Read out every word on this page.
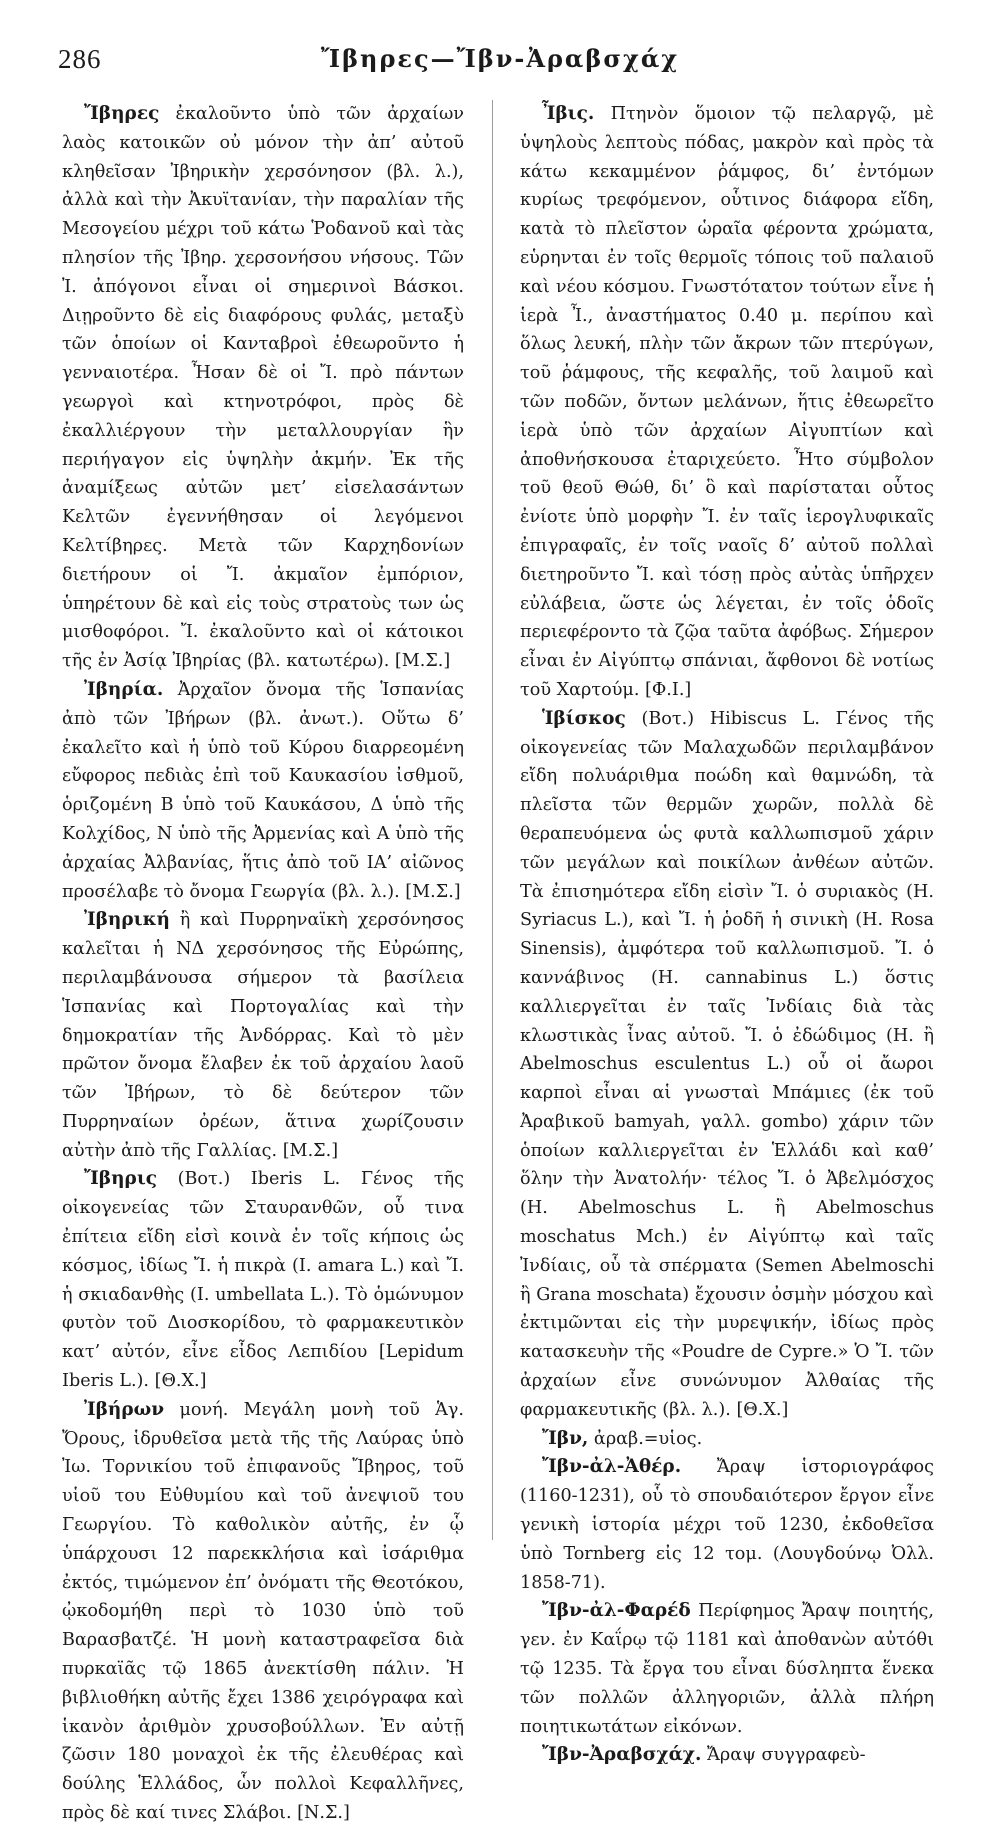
286	Ἴβηρες—Ἴβν-Ἀραβσχάχ

Ἴβηρες ἐκαλοῦντο ὑπὸ τῶν ἀρχαίων λαὸς κατοικῶν οὐ μόνον τὴν ἀπ’ αὐτοῦ κληθεῖσαν Ἰβηρικὴν χερσόνησον (βλ. λ.), ἀλλὰ καὶ τὴν Ἀκυϊτανίαν, τὴν παραλίαν τῆς Μεσογείου μέχρι τοῦ κάτω Ῥοδανοῦ καὶ τὰς πλησίον τῆς Ἰβηρ. χερσονήσου νήσους. Τῶν Ἰ. ἀπόγονοι εἶναι οἱ σημερινοὶ Βάσκοι. Διῃροῦντο δὲ εἰς διαφόρους φυλάς, μεταξὺ τῶν ὁποίων οἱ Κανταβροὶ ἐθεωροῦντο ἡ γενναιοτέρα. Ἦσαν δὲ οἱ Ἴ. πρὸ πάντων γεωργοὶ καὶ κτηνοτρόφοι, πρὸς δὲ ἐκαλλιέργουν τὴν μεταλλουργίαν ἣν περιήγαγον εἰς ὑψηλὴν ἀκμήν. Ἐκ τῆς ἀναμίξεως αὐτῶν μετ’ εἰσελασάντων Κελτῶν ἐγεννήθησαν οἱ λεγόμενοι Κελτίβηρες. Μετὰ τῶν Καρχηδονίων διετήρουν οἱ Ἴ. ἀκμαῖον ἐμπόριον, ὑπηρέτουν δὲ καὶ εἰς τοὺς στρατοὺς των ὡς μισθοφόροι. Ἴ. ἐκαλοῦντο καὶ οἱ κάτοικοι τῆς ἐν Ἀσίᾳ Ἰβηρίας (βλ. κατωτέρω). [Μ.Σ.]

Ἰβηρία. Ἀρχαῖον ὄνομα τῆς Ἱσπανίας ἀπὸ τῶν Ἰβήρων (βλ. ἀνωτ.). Οὕτω δ’ ἐκαλεῖτο καὶ ἡ ὑπὸ τοῦ Κύρου διαρρεομένη εὔφορος πεδιὰς ἐπὶ τοῦ Καυκασίου ἰσθμοῦ, ὁριζομένη Β ὑπὸ τοῦ Καυκάσου, Δ ὑπὸ τῆς Κολχίδος, Ν ὑπὸ τῆς Ἀρμενίας καὶ Α ὑπὸ τῆς ἀρχαίας Ἀλβανίας, ἥτις ἀπὸ τοῦ ΙΑ’ αἰῶνος προσέλαβε τὸ ὄνομα Γεωργία (βλ. λ.). [Μ.Σ.]

Ἰβηρική ἢ καὶ Πυρρηναϊκὴ χερσόνησος καλεῖται ἡ ΝΔ χερσόνησος τῆς Εὐρώπης, περιλαμβάνουσα σήμερον τὰ βασίλεια Ἱσπανίας καὶ Πορτογαλίας καὶ τὴν δημοκρατίαν τῆς Ἀνδόρρας. Καὶ τὸ μὲν πρῶτον ὄνομα ἔλαβεν ἐκ τοῦ ἀρχαίου λαοῦ τῶν Ἰβήρων, τὸ δὲ δεύτερον τῶν Πυρρηναίων ὀρέων, ἅτινα χωρίζουσιν αὐτὴν ἀπὸ τῆς Γαλλίας. [Μ.Σ.]

Ἴβηρις (Βοτ.) Iberis L. Γένος τῆς οἰκογενείας τῶν Σταυρανθῶν, οὗ τινα ἐπίτεια εἴδη εἰσὶ κοινὰ ἐν τοῖς κήποις ὡς κόσμος, ἰδίως Ἴ. ἡ πικρὰ (I. amara L.) καὶ Ἴ. ἡ σκιαδανθὴς (I. umbellata L.). Τὸ ὁμώνυμον φυτὸν τοῦ Διοσκορίδου, τὸ φαρμακευτικὸν κατ’ αὐτόν, εἶνε εἶδος Λεπιδίου [Lepidum Iberis L.). [Θ.Χ.]

Ἰβήρων μονή. Μεγάλη μονὴ τοῦ Ἁγ. Ὄρους, ἱδρυθεῖσα μετὰ τῆς τῆς Λαύρας ὑπὸ Ἰω. Τορνικίου τοῦ ἐπιφανοῦς Ἴβηρος, τοῦ υἱοῦ του Εὐθυμίου καὶ τοῦ ἀνεψιοῦ του Γεωργίου. Τὸ καθολικὸν αὐτῆς, ἐν ᾧ ὑπάρχουσι 12 παρεκκλήσια καὶ ἰσάριθμα ἐκτός, τιμώμενον ἐπ’ ὀνόματι τῆς Θεοτόκου, ᾠκοδομήθη περὶ τὸ 1030 ὑπὸ τοῦ Βαρασβατζέ. Ἡ μονὴ καταστραφεῖσα διὰ πυρκαϊᾶς τῷ 1865 ἀνεκτίσθη πάλιν. Ἡ βιβλιοθήκη αὐτῆς ἔχει 1386 χειρόγραφα καὶ ἱκανὸν ἀριθμὸν χρυσοβούλλων. Ἐν αὐτῇ ζῶσιν 180 μοναχοὶ ἐκ τῆς ἐλευθέρας καὶ δούλης Ἑλλάδος, ὧν πολλοὶ Κεφαλλῆνες, πρὸς δὲ καί τινες Σλάβοι. [Ν.Σ.]

Ἶβις. Πτηνὸν ὅμοιον τῷ πελαργῷ, μὲ ὑψηλοὺς λεπτοὺς πόδας, μακρὸν καὶ πρὸς τὰ κάτω κεκαμμένον ῥάμφος, δι’ ἐντόμων κυρίως τρεφόμενον, οὗτινος διάφορα εἴδη, κατὰ τὸ πλεῖστον ὡραῖα φέροντα χρώματα, εὑρηνται ἐν τοῖς θερμοῖς τόποις τοῦ παλαιοῦ καὶ νέου κόσμου. Γνωστότατον τούτων εἶνε ἡ ἱερὰ Ἶ., ἀναστήματος 0.40 μ. περίπου καὶ ὅλως λευκή, πλὴν τῶν ἄκρων τῶν πτερύγων, τοῦ ῥάμφους, τῆς κεφαλῆς, τοῦ λαιμοῦ καὶ τῶν ποδῶν, ὄντων μελάνων, ἥτις ἐθεωρεῖτο ἱερὰ ὑπὸ τῶν ἀρχαίων Αἰγυπτίων καὶ ἀποθνήσκουσα ἐταριχεύετο. Ἦτο σύμβολον τοῦ θεοῦ Θώθ, δι’ ὃ καὶ παρίσταται οὗτος ἐνίοτε ὑπὸ μορφὴν Ἴ. ἐν ταῖς ἱερογλυφικαῖς ἐπιγραφαῖς, ἐν τοῖς ναοῖς δ’ αὐτοῦ πολλαὶ διετηροῦντο Ἴ. καὶ τόσῃ πρὸς αὐτὰς ὑπῆρχεν εὐλάβεια, ὥστε ὡς λέγεται, ἐν τοῖς ὁδοῖς περιεφέροντο τὰ ζῷα ταῦτα ἀφόβως. Σήμερον εἶναι ἐν Αἰγύπτῳ σπάνιαι, ἄφθονοι δὲ νοτίως τοῦ Χαρτούμ. [Φ.Ι.]

Ἱβίσκος (Βοτ.) Hibiscus L. Γένος τῆς οἰκογενείας τῶν Μαλαχωδῶν περιλαμβάνον εἴδη πολυάριθμα ποώδη καὶ θαμνώδη, τὰ πλεῖστα τῶν θερμῶν χωρῶν, πολλὰ δὲ θεραπευόμενα ὡς φυτὰ καλλωπισμοῦ χάριν τῶν μεγάλων καὶ ποικίλων ἀνθέων αὐτῶν. Τὰ ἐπισημότερα εἴδη εἰσὶν Ἴ. ὁ συριακὸς (H. Syriacus L.), καὶ Ἴ. ἡ ῥοδῆ ἡ σινικὴ (H. Rosa Sinensis), ἀμφότερα τοῦ καλλωπισμοῦ. Ἴ. ὁ καννάβινος (H. cannabinus L.) ὅστις καλλιεργεῖται ἐν ταῖς Ἰνδίαις διὰ τὰς κλωστικὰς ἶνας αὐτοῦ. Ἴ. ὁ ἐδώδιμος (H. ἢ Abelmoschus esculentus L.) οὗ οἱ ἄωροι καρποὶ εἶναι αἱ γνωσταὶ Μπάμιες (ἐκ τοῦ Ἀραβικοῦ bamyah, γαλλ. gombo) χάριν τῶν ὁποίων καλλιεργεῖται ἐν Ἑλλάδι καὶ καθ’ ὅλην τὴν Ἀνατολήν· τέλος Ἴ. ὁ Ἀβελμόσχος (H. Abelmoschus L. ἢ Abelmoschus moschatus Mch.) ἐν Αἰγύπτῳ καὶ ταῖς Ἰνδίαις, οὗ τὰ σπέρματα (Semen Abelmoschi ἢ Grana moschata) ἔχουσιν ὀσμὴν μόσχου καὶ ἐκτιμῶνται εἰς τὴν μυρεψικήν, ἰδίως πρὸς κατασκευὴν τῆς «Poudre de Cypre.» Ὁ Ἴ. τῶν ἀρχαίων εἶνε συνώνυμον Ἀλθαίας τῆς φαρμακευτικῆς (βλ. λ.). [Θ.Χ.]

Ἴβν, ἀραβ.=υἱος.

Ἴβν-ἀλ-Ἀθέρ. Ἄραψ ἱστοριογράφος (1160-1231), οὗ τὸ σπουδαιότερον ἔργον εἶνε γενικὴ ἱστορία μέχρι τοῦ 1230, ἐκδοθεῖσα ὑπὸ Tornberg εἰς 12 τομ. (Λουγδούνῳ Ὀλλ. 1858-71).

Ἴβν-ἀλ-Φαρέδ Περίφημος Ἄραψ ποιητής, γεν. ἐν Καΐρῳ τῷ 1181 καὶ ἀποθανὼν αὐτόθι τῷ 1235. Τὰ ἔργα του εἶναι δύσληπτα ἕνεκα τῶν πολλῶν ἀλληγοριῶν, ἀλλὰ πλήρη ποιητικωτάτων εἰκόνων.

Ἴβν-Ἀραβσχάχ. Ἄραψ συγγραφεὺ-
